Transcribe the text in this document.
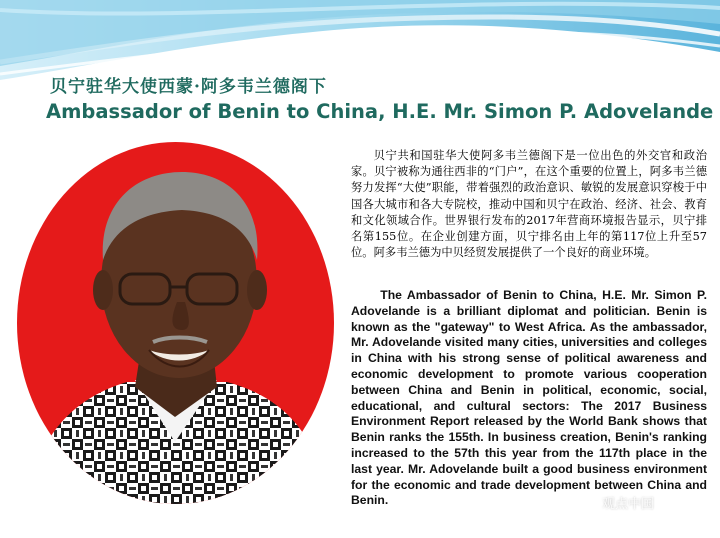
贝宁驻华大使西蒙·阿多韦兰德阁下
Ambassador of Benin to China, H.E. Mr. Simon P. Adovelande

贝宁共和国驻华大使阿多韦兰德阁下是一位出色的外交官和政治家。贝宁被称为通往西非的“门户”，在这个重要的位置上，阿多韦兰德努力发挥“大使”职能，带着强烈的政治意识、敏锐的发展意识穿梭于中国各大城市和各大专院校，推动中国和贝宁在政治、经济、社会、教育和文化领域合作。世界银行发布的2017年营商环境报告显示，贝宁排名第155位。在企业创建方面，贝宁排名由上年的第117位上升至57位。阿多韦兰德为中贝经贸发展提供了一个良好的商业环境。

The Ambassador of Benin to China, H.E. Mr. Simon P. Adovelande is a brilliant diplomat and politician. Benin is known as the "gateway" to West Africa. As the ambassador, Mr. Adovelande visited many cities, universities and colleges in China with his strong sense of political awareness and economic development to promote various cooperation between China and Benin in political, economic, social, educational, and cultural sectors: The 2017 Business Environment Report released by the World Bank shows that Benin ranks the 155th. In business creation, Benin's ranking increased to the 57th this year from the 117th place in the last year. Mr. Adovelande built a good business environment for the economic and trade development between China and Benin.	观点中国
